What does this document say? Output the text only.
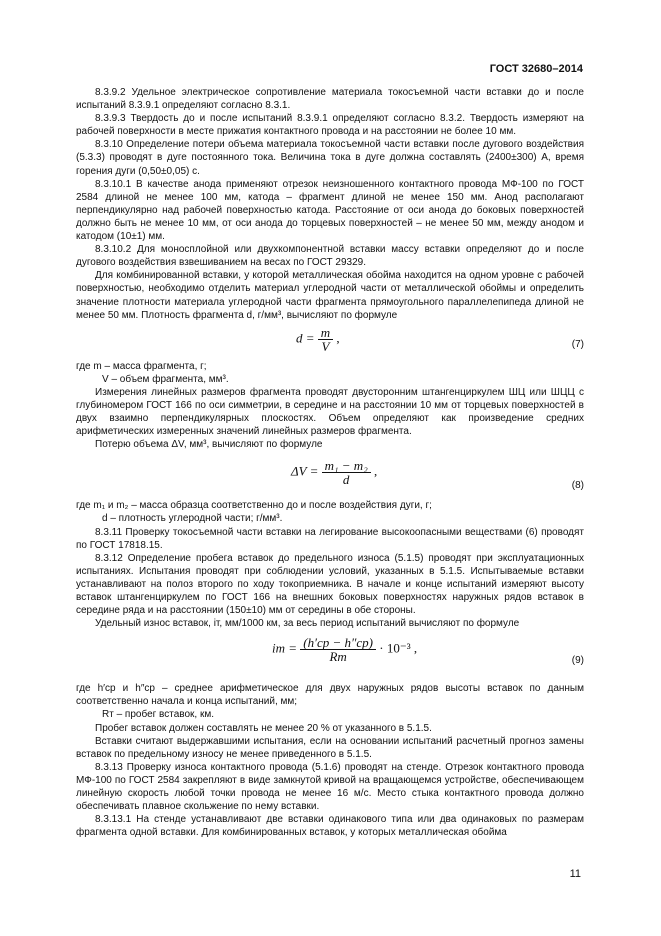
ГОСТ 32680–2014

8.3.9.2 Удельное электрическое сопротивление материала токосъемной части вставки до и после испытаний 8.3.9.1 определяют согласно 8.3.1.

8.3.9.3 Твердость до и после испытаний 8.3.9.1 определяют согласно 8.3.2. Твердость измеряют на рабочей поверхности в месте прижатия контактного провода и на расстоянии не более 10 мм.

8.3.10 Определение потери объема материала токосъемной части вставки после дугового воздействия (5.3.3) проводят в дуге постоянного тока. Величина тока в дуге должна составлять (2400±300) А, время горения дуги (0,50±0,05) с.

8.3.10.1 В качестве анода применяют отрезок неизношенного контактного провода МФ-100 по ГОСТ 2584 длиной не менее 100 мм, катода – фрагмент длиной не менее 150 мм. Анод располагают перпендикулярно над рабочей поверхностью катода. Расстояние от оси анода до боковых поверхностей должно быть не менее 10 мм, от оси анода до торцевых поверхностей – не менее 50 мм, между анодом и катодом (10±1) мм.

8.3.10.2 Для моносплойной или двухкомпонентной вставки массу вставки определяют до и после дугового воздействия взвешиванием на весах по ГОСТ 29329.

Для комбинированной вставки, у которой металлическая обойма находится на одном уровне с рабочей поверхностью, необходимо отделить материал углеродной части от металлической обоймы и определить значение плотности материала углеродной части фрагмента прямоугольного параллелепипеда длиной не менее 50 мм. Плотность фрагмента d, г/мм³, вычисляют по формуле

$d = \frac{m}{V}$ ,	(7)

где m – масса фрагмента, г;

V – объем фрагмента, мм³.

Измерения линейных размеров фрагмента проводят двусторонним штангенциркулем ШЦ или ШЦЦ с глубиномером ГОСТ 166 по оси симметрии, в середине и на расстоянии 10 мм от торцевых поверхностей в двух взаимно перпендикулярных плоскостях. Объем определяют как произведение средних арифметических измеренных значений линейных размеров фрагмента.

Потерю объема ΔV, мм³, вычисляют по формуле

$\Delta V = \frac{\text{m₁ − m₂}}{d}$ ,
(8)

где m₁ и m₂ – масса образца соответственно до и после воздействия дуги, г;

d – плотность углеродной части; г/мм³.

8.3.11 Проверку токосъемной части вставки на легирование высокоопасными веществами (6) проводят по ГОСТ 17818.15.

8.3.12 Определение пробега вставок до предельного износа (5.1.5) проводят при эксплуатационных испытаниях. Испытания проводят при соблюдении условий, указанных в 5.1.5. Испытываемые вставки устанавливают на полоз второго по ходу токоприемника. В начале и конце испытаний измеряют высоту вставок штангенциркулем по ГОСТ 166 на внешних боковых поверхностях наружных рядов вставок в середине ряда и на расстоянии (150±10) мм от середины в обе стороны.

Удельный износ вставок, iт, мм/1000 км, за весь период испытаний вычисляют по формуле

iт = $\frac{(h'ср - h''ср)}{Rт} \cdot 10^{-3}$ ,
(9)

где h′ср и h″ср – среднее арифметическое для двух наружных рядов высоты вставок по данным соответственно начала и конца испытаний, мм;

Rт – пробег вставок, км.

Пробег вставок должен составлять не менее 20 % от указанного в 5.1.5.

Вставки считают выдержавшими испытания, если на основании испытаний расчетный прогноз замены вставок по предельному износу не менее приведенного в 5.1.5.

8.3.13 Проверку износа контактного провода (5.1.6) проводят на стенде. Отрезок контактного провода МФ-100 по ГОСТ 2584 закрепляют в виде замкнутой кривой на вращающемся устройстве, обеспечивающем линейную скорость любой точки провода не менее 16 м/с. Место стыка контактного провода должно обеспечивать плавное скольжение по нему вставки.

8.3.13.1 На стенде устанавливают две вставки одинакового типа или два одинаковых по размерам фрагмента одной вставки. Для комбинированных вставок, у которых металлическая обойма

11
